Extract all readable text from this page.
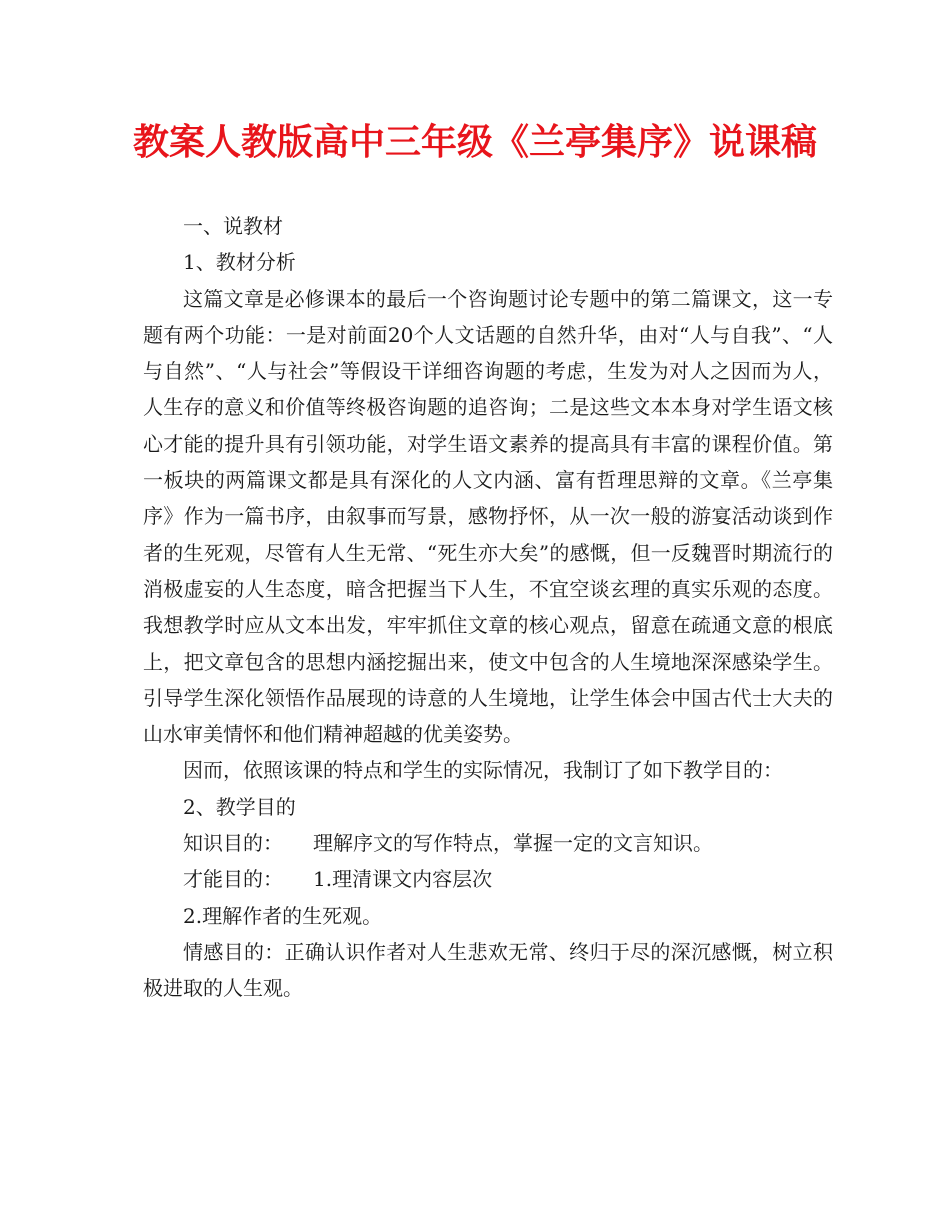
教案人教版高中三年级《兰亭集序》说课稿

一、说教材

1、教材分析

这篇文章是必修课本的最后一个咨询题讨论专题中的第二篇课文，这一专题有两个功能：一是对前面20个人文话题的自然升华，由对“人与自我”、“人与自然”、“人与社会”等假设干详细咨询题的考虑，生发为对人之因而为人，人生存的意义和价值等终极咨询题的追咨询；二是这些文本本身对学生语文核心才能的提升具有引领功能，对学生语文素养的提高具有丰富的课程价值。第一板块的两篇课文都是具有深化的人文内涵、富有哲理思辩的文章。《兰亭集序》作为一篇书序，由叙事而写景，感物抒怀，从一次一般的游宴活动谈到作者的生死观，尽管有人生无常、“死生亦大矣”的感慨，但一反魏晋时期流行的消极虚妄的人生态度，暗含把握当下人生，不宜空谈玄理的真实乐观的态度。我想教学时应从文本出发，牢牢抓住文章的核心观点，留意在疏通文意的根底上，把文章包含的思想内涵挖掘出来，使文中包含的人生境地深深感染学生。引导学生深化领悟作品展现的诗意的人生境地，让学生体会中国古代士大夫的山水审美情怀和他们精神超越的优美姿势。

因而，依照该课的特点和学生的实际情况，我制订了如下教学目的：

2、教学目的

知识目的： 理解序文的写作特点，掌握一定的文言知识。

才能目的： 1.理清课文内容层次

2.理解作者的生死观。

情感目的：正确认识作者对人生悲欢无常、终归于尽的深沉感慨，树立积极进取的人生观。
